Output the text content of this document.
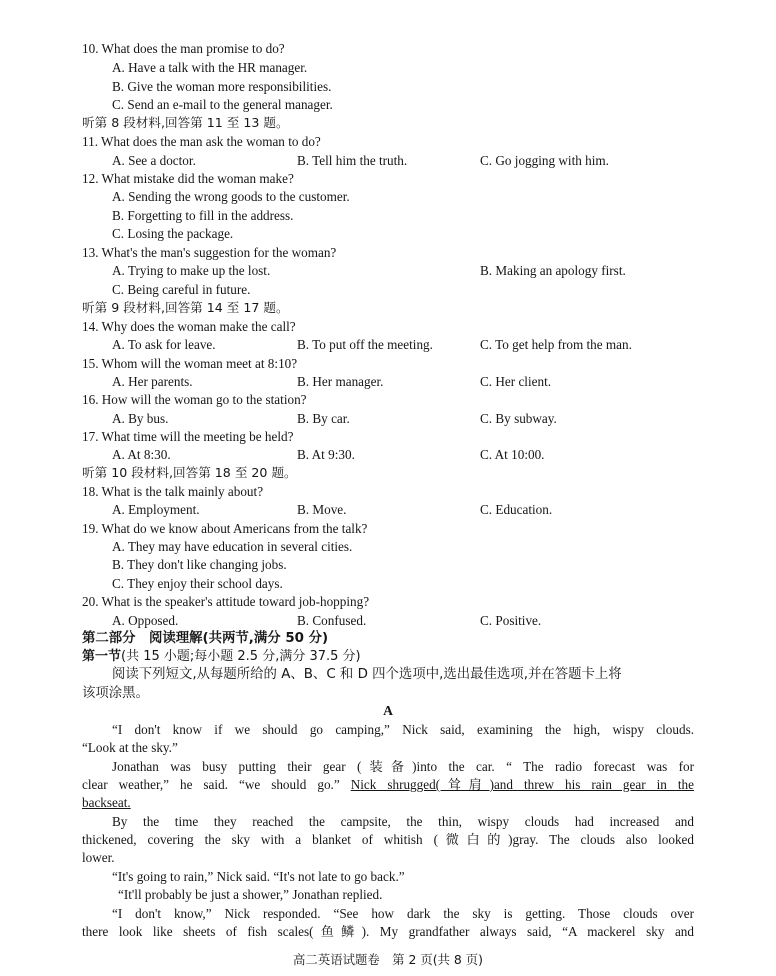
10. What does the man promise to do?
A. Have a talk with the HR manager.
B. Give the woman more responsibilities.
C. Send an e-mail to the general manager.
听第 8 段材料,回答第 11 至 13 题。
11. What does the man ask the woman to do?
A. See a doctor.	B. Tell him the truth.	C. Go jogging with him.
12. What mistake did the woman make?
A. Sending the wrong goods to the customer.
B. Forgetting to fill in the address.
C. Losing the package.
13. What's the man's suggestion for the woman?
A. Trying to make up the lost.	B. Making an apology first.
C. Being careful in future.
听第 9 段材料,回答第 14 至 17 题。
14. Why does the woman make the call?
A. To ask for leave.	B. To put off the meeting.	C. To get help from the man.
15. Whom will the woman meet at 8:10?
A. Her parents.	B. Her manager.	C. Her client.
16. How will the woman go to the station?
A. By bus.	B. By car.	C. By subway.
17. What time will the meeting be held?
A. At 8:30.	B. At 9:30.	C. At 10:00.
听第 10 段材料,回答第 18 至 20 题。
18. What is the talk mainly about?
A. Employment.	B. Move.	C. Education.
19. What do we know about Americans from the talk?
A. They may have education in several cities.
B. They don't like changing jobs.
C. They enjoy their school days.
20. What is the speaker's attitude toward job-hopping?
A. Opposed.	B. Confused.	C. Positive.
第二部分　阅读理解(共两节,满分 50 分)
第一节(共 15 小题;每小题 2.5 分,满分 37.5 分)
阅读下列短文,从每题所给的 A、B、C 和 D 四个选项中,选出最佳选项,并在答题卡上将
该项涂黑。
A
“I don't know if we should go camping,” Nick said, examining the high, wispy clouds.
“Look at the sky.”
Jonathan was busy putting their gear (装备)into the car. “ The radio forecast was for
clear weather,” he said. “we should go.” Nick shrugged(耸肩)and threw his rain gear in the
backseat.
By the time they reached the campsite, the thin, wispy clouds had increased and
thickened, covering the sky with a blanket of whitish (微白的)gray. The clouds also looked
lower.
“It's going to rain,” Nick said. “It's not late to go back.”
“It'll probably be just a shower,” Jonathan replied.
“I don't know,” Nick responded. “See how dark the sky is getting. Those clouds over
there look like sheets of fish scales(鱼鳞). My grandfather always said, “A mackerel sky and
高二英语试题卷　第 2 页(共 8 页)
